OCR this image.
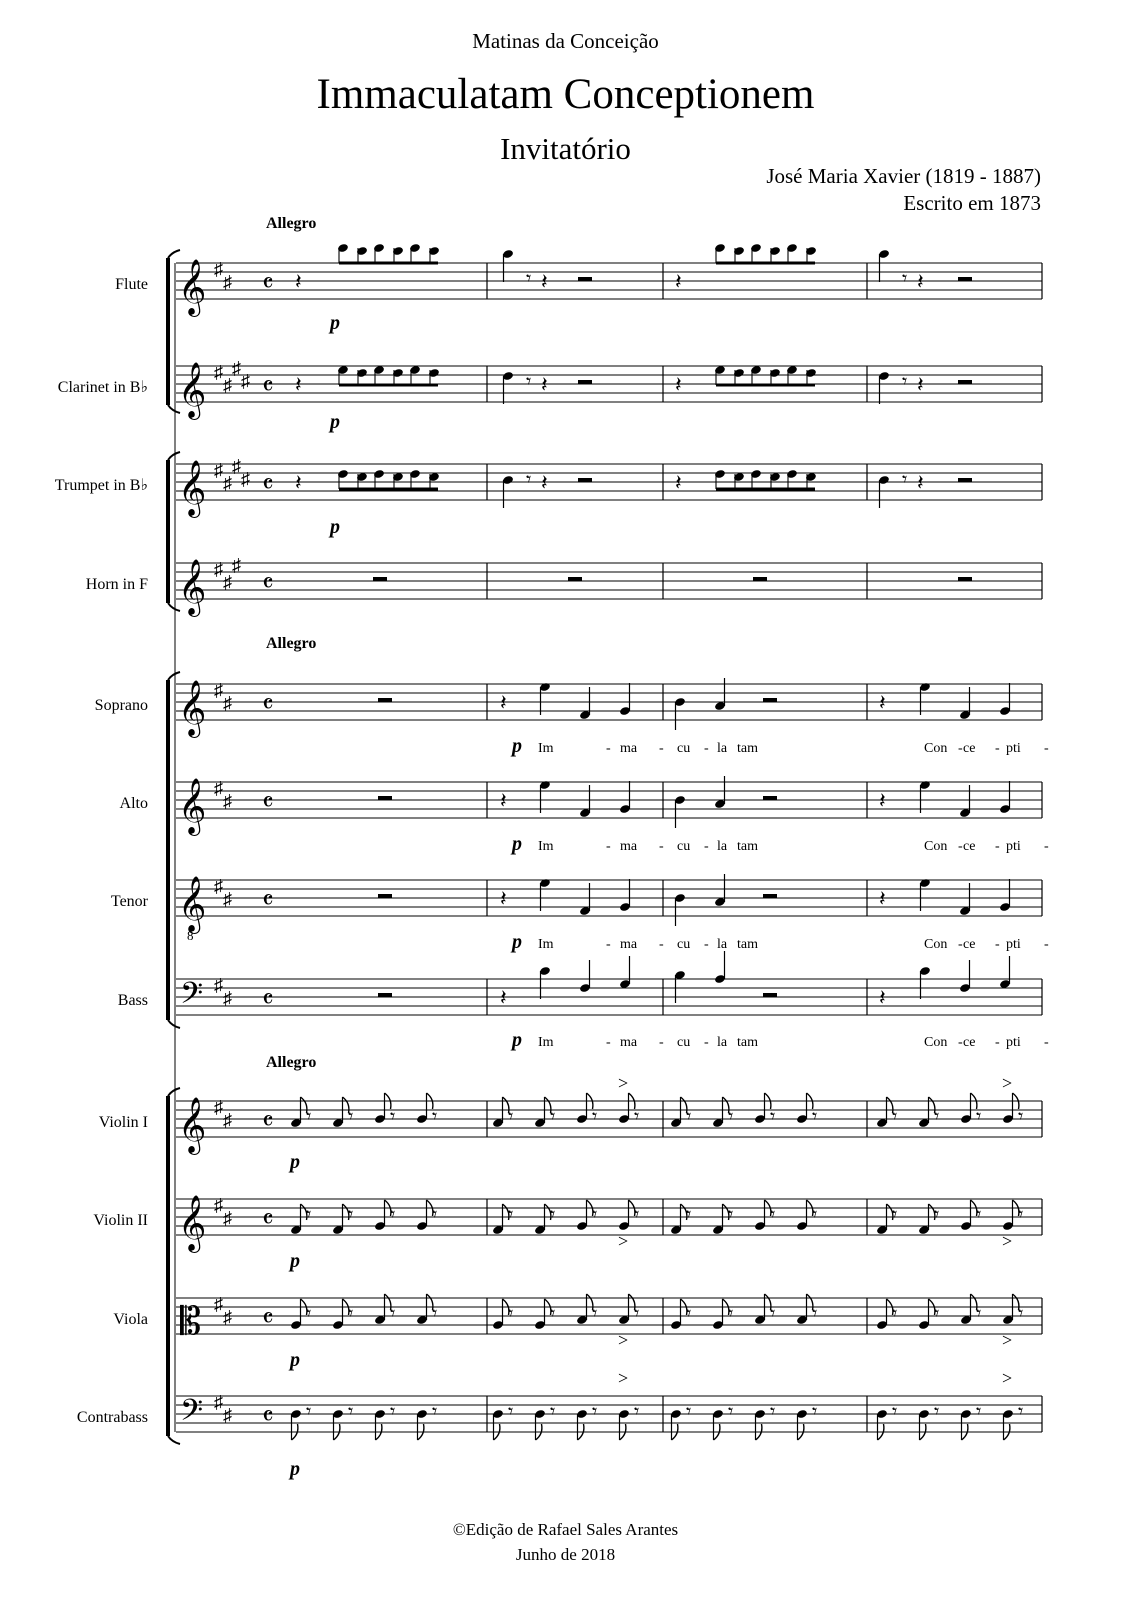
Matinas da Conceição
Immaculatam Conceptionem
Invitatório
José Maria Xavier (1819 - 1887)
Escrito em 1873
Flute 𝄞 ♯
♯ 𝄴
Clarinet in B♭ 𝄞 ♯
♯
♯
♯ 𝄴
Trumpet in B♭ 𝄞 ♯
♯
♯
♯ 𝄴
Horn in F 𝄞 ♯
♯
♯
𝄴
Soprano 𝄞 ♯
♯ 𝄴
Alto 𝄞 ♯
♯ 𝄴
Tenor 𝄞
8
♯
♯ 𝄴
Bass 𝄢 ♯
♯ 𝄴
Violin I 𝄞 ♯
♯ 𝄴
Violin II 𝄞 ♯
♯ 𝄴
Viola 𝄡 ♯
♯ 𝄴
Contrabass 𝄢 ♯
♯ 𝄴
Allegro
Allegro
Allegro
p
p
p
p
p
p
p
p
p
p
p
Im	- ma - cu - la tam	Con - ce - pti -
Im	- ma - cu - la tam	Con - ce - pti -
Im	- ma - cu - la tam	Con - ce - pti -
Im	- ma - cu - la tam	Con - ce - pti -
𝄽	𝄽
𝄾 𝄽	𝄾 𝄽
𝄽	𝄽
𝄾 𝄽	𝄾 𝄽
𝄽	𝄽
𝄾 𝄽	𝄾 𝄽
𝄽	𝄽
𝄽	𝄽
𝄽	𝄽
𝄽	𝄽
𝄾 𝄾 𝄾 𝄾	𝄾 𝄾 𝄾 𝄾
>
𝄾 𝄾 𝄾 𝄾	𝄾 𝄾 𝄾 𝄾
>
𝄾 𝄾 𝄾 𝄾	𝄾 𝄾 𝄾 𝄾
>
𝄾 𝄾 𝄾 𝄾	𝄾 𝄾 𝄾 𝄾
>
𝄾 𝄾 𝄾 𝄾	𝄾 𝄾 𝄾 𝄾
>
𝄾 𝄾 𝄾 𝄾	𝄾 𝄾 𝄾 𝄾
>
𝄾 𝄾 𝄾 𝄾	𝄾 𝄾 𝄾 𝄾
>
𝄾 𝄾 𝄾 𝄾	𝄾 𝄾 𝄾 𝄾
>
©Edição de Rafael Sales Arantes
Junho de 2018
